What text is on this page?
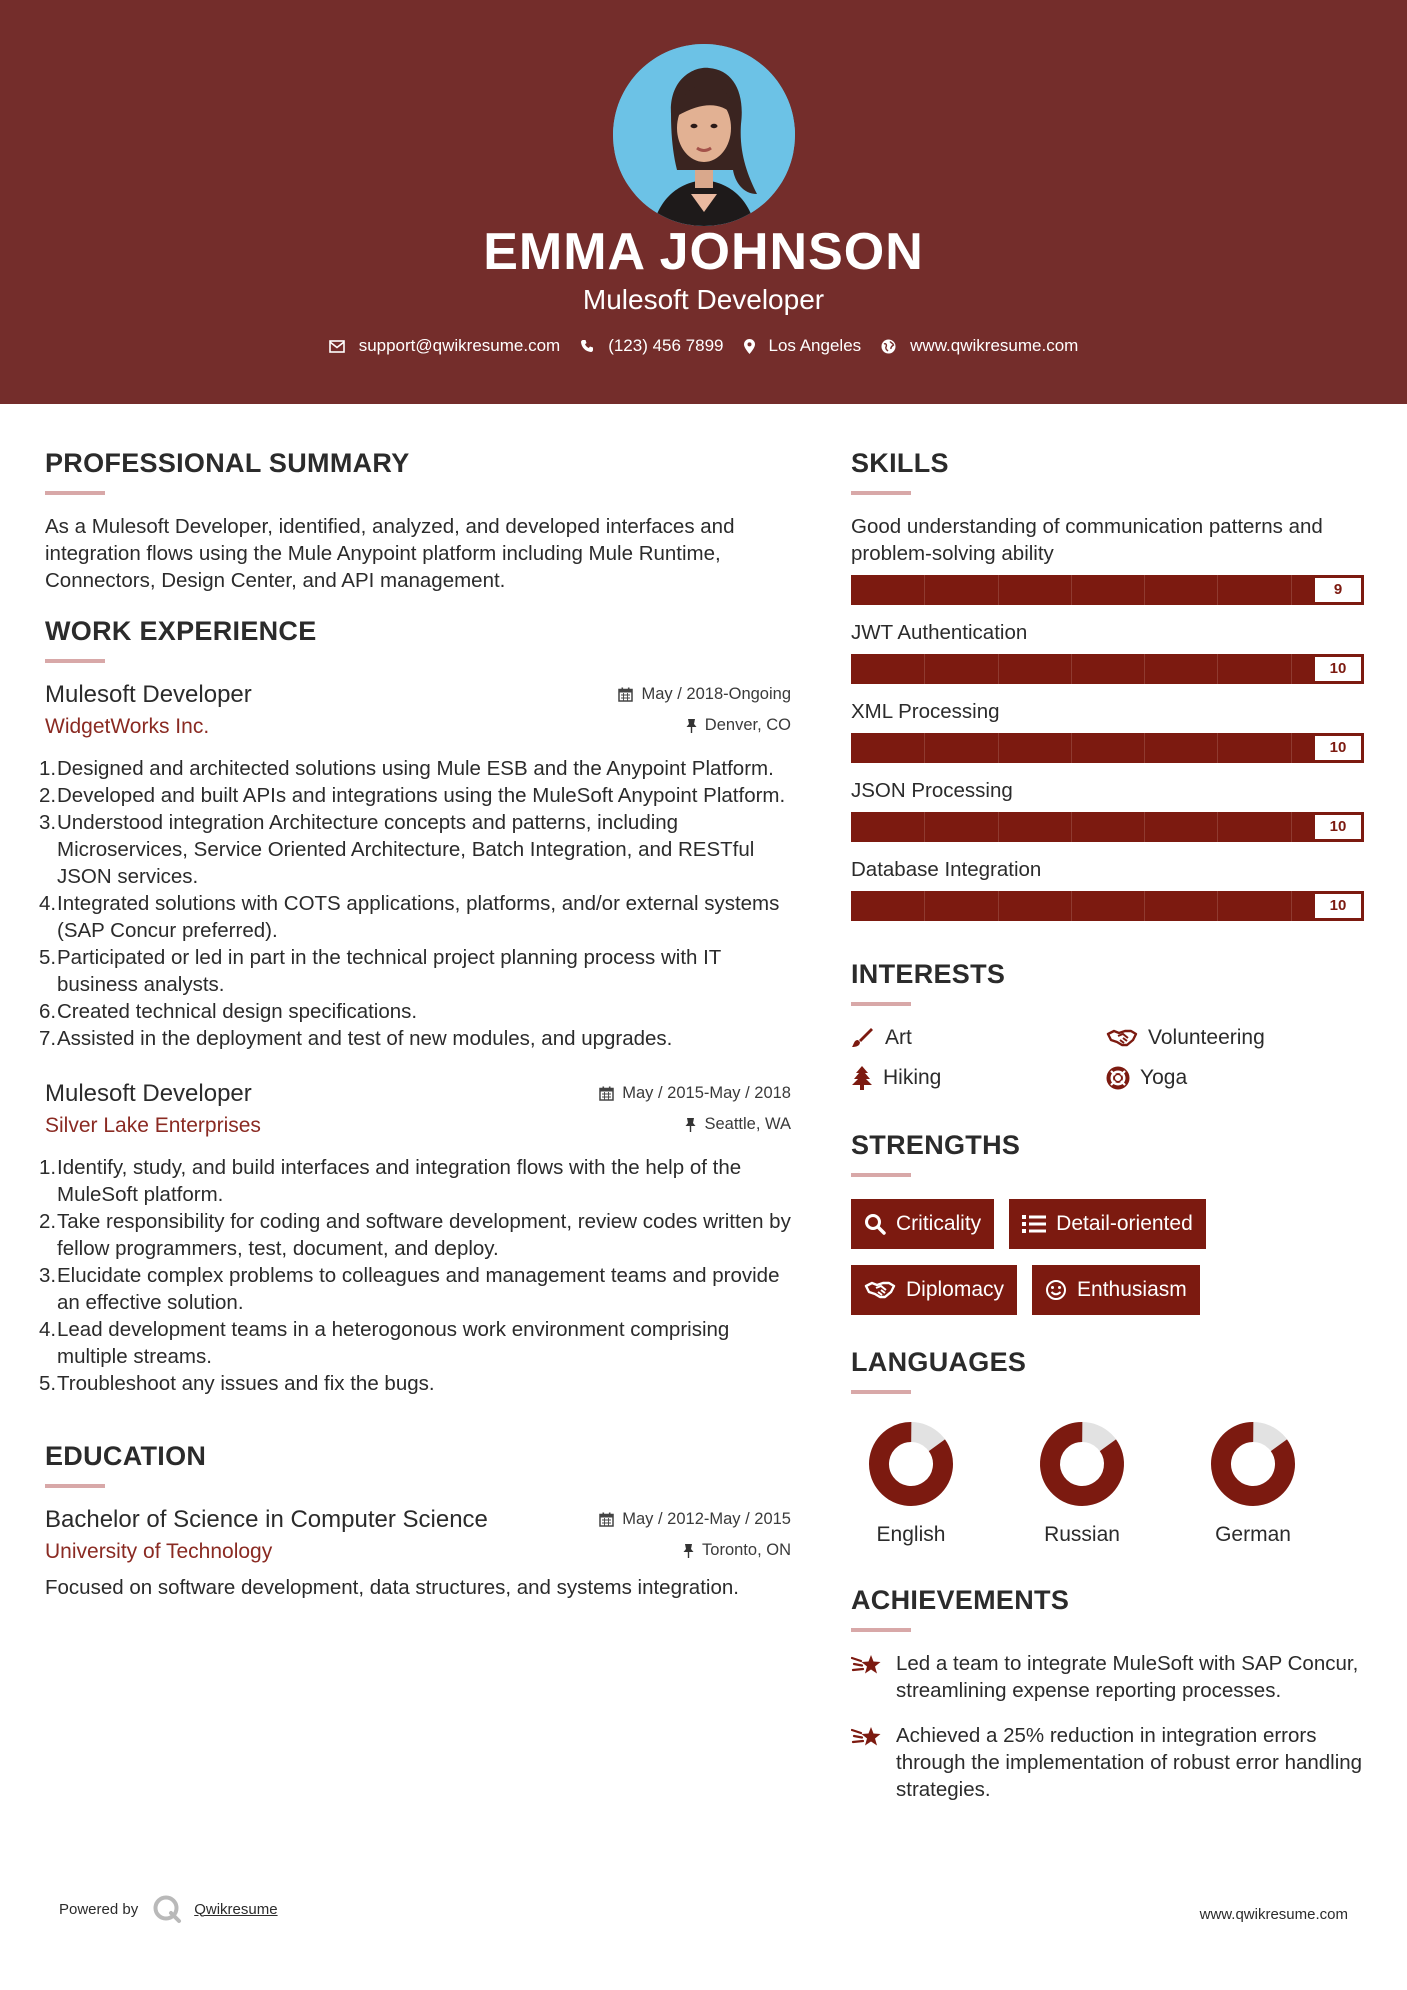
EMMA JOHNSON
Mulesoft Developer
support@qwikresume.com	(123) 456 7899	Los Angeles	www.qwikresume.com
PROFESSIONAL SUMMARY
As a Mulesoft Developer, identified, analyzed, and developed interfaces and integration flows using the Mule Anypoint platform including Mule Runtime, Connectors, Design Center, and API management.
WORK EXPERIENCE
Mulesoft Developer	May / 2018-Ongoing
WidgetWorks Inc.	Denver, CO
1. Designed and architected solutions using Mule ESB and the Anypoint Platform.
2. Developed and built APIs and integrations using the MuleSoft Anypoint Platform.
3. Understood integration Architecture concepts and patterns, including Microservices, Service Oriented Architecture, Batch Integration, and RESTful JSON services.
4. Integrated solutions with COTS applications, platforms, and/or external systems (SAP Concur preferred).
5. Participated or led in part in the technical project planning process with IT business analysts.
6. Created technical design specifications.
7. Assisted in the deployment and test of new modules, and upgrades.
Mulesoft Developer	May / 2015-May / 2018
Silver Lake Enterprises	Seattle, WA
1. Identify, study, and build interfaces and integration flows with the help of the MuleSoft platform.
2. Take responsibility for coding and software development, review codes written by fellow programmers, test, document, and deploy.
3. Elucidate complex problems to colleagues and management teams and provide an effective solution.
4. Lead development teams in a heterogonous work environment comprising multiple streams.
5. Troubleshoot any issues and fix the bugs.
EDUCATION
Bachelor of Science in Computer Science	May / 2012-May / 2015
University of Technology	Toronto, ON
Focused on software development, data structures, and systems integration.
SKILLS
Good understanding of communication patterns and problem-solving ability
9
JWT Authentication
10
XML Processing
10
JSON Processing
10
Database Integration
10
INTERESTS
Art	Volunteering
Hiking	Yoga
STRENGTHS
Criticality	Detail-oriented
Diplomacy	Enthusiasm
LANGUAGES
English	Russian	German
ACHIEVEMENTS
Led a team to integrate MuleSoft with SAP Concur, streamlining expense reporting processes.
Achieved a 25% reduction in integration errors through the implementation of robust error handling strategies.
Powered by	Qwikresume	www.qwikresume.com
